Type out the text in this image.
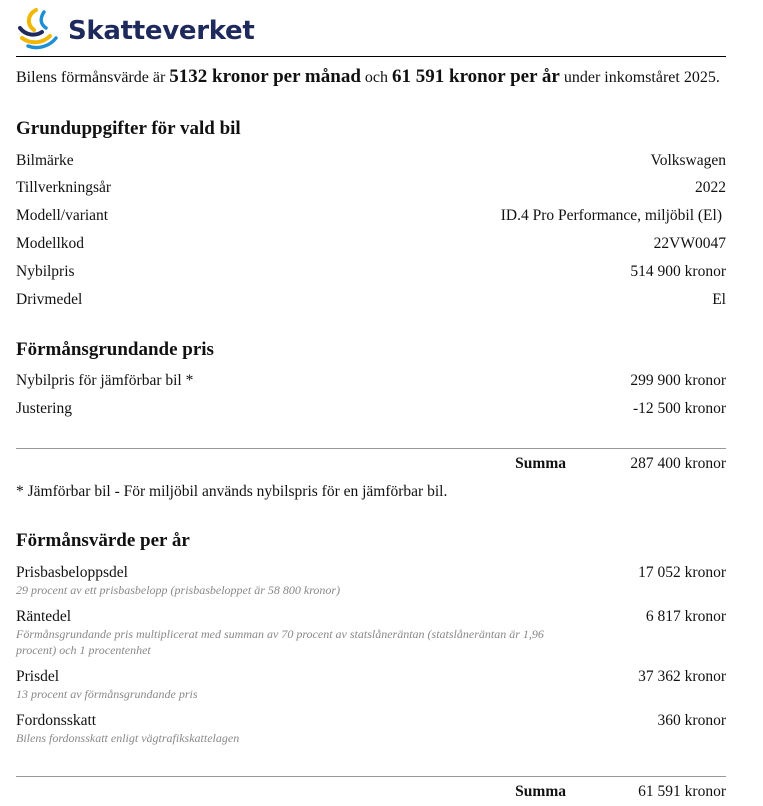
Skatteverket
Bilens förmånsvärde är 5132 kronor per månad och 61 591 kronor per år under inkomståret 2025.
Grunduppgifter för vald bil
Bilmärke	Volkswagen
Tillverkningsår	2022
Modell/variant	ID.4 Pro Performance, miljöbil (El)
Modellkod	22VW0047
Nybilpris	514 900 kronor
Drivmedel	El
Förmånsgrundande pris
Nybilpris för jämförbar bil *	299 900 kronor
Justering	-12 500 kronor
Summa	287 400 kronor
* Jämförbar bil - För miljöbil används nybilspris för en jämförbar bil.
Förmånsvärde per år
Prisbasbeloppsdel	17 052 kronor
29 procent av ett prisbasbelopp (prisbasbeloppet är 58 800 kronor)
Räntedel	6 817 kronor
Förmånsgrundande pris multiplicerat med summan av 70 procent av statslåneräntan (statslåneräntan är 1,96 procent) och 1 procentenhet
Prisdel	37 362 kronor
13 procent av förmånsgrundande pris
Fordonsskatt	360 kronor
Bilens fordonsskatt enligt vägtrafikskattelagen
Summa	61 591 kronor
